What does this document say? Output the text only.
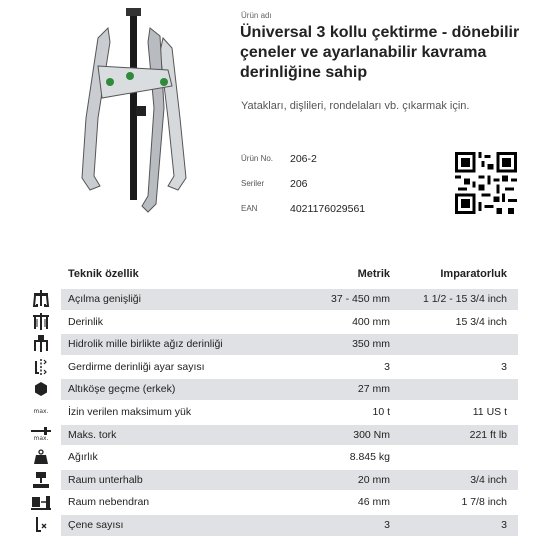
Ürün adı
Üniversal 3 kollu çektirme - dönebilir çeneler ve ayarlanabilir kavrama derinliğine sahip
Yatakları, dişlileri, rondelaları vb. çıkarmak için.
Ürün No.	206-2
Seriler	206
EAN	4021176029561
Teknik özellik	Metrik	Imparatorluk
Açılma genişliği	37 - 450 mm	1 1/2 - 15 3/4 inch
Derinlik	400 mm	15 3/4 inch
Hidrolik mille birlikte ağız derinliği	350 mm
Gerdirme derinliği ayar sayısı	3	3
Altıköşe geçme (erkek)	27 mm
max. İzin verilen maksimum yük	10 t	11 US t
max. Maks. tork	300 Nm	221 ft lb
Ağırlık	8.845 kg
Raum unterhalb	20 mm	3/4 inch
Raum nebendran	46 mm	1 7/8 inch
Çene sayısı	3	3
